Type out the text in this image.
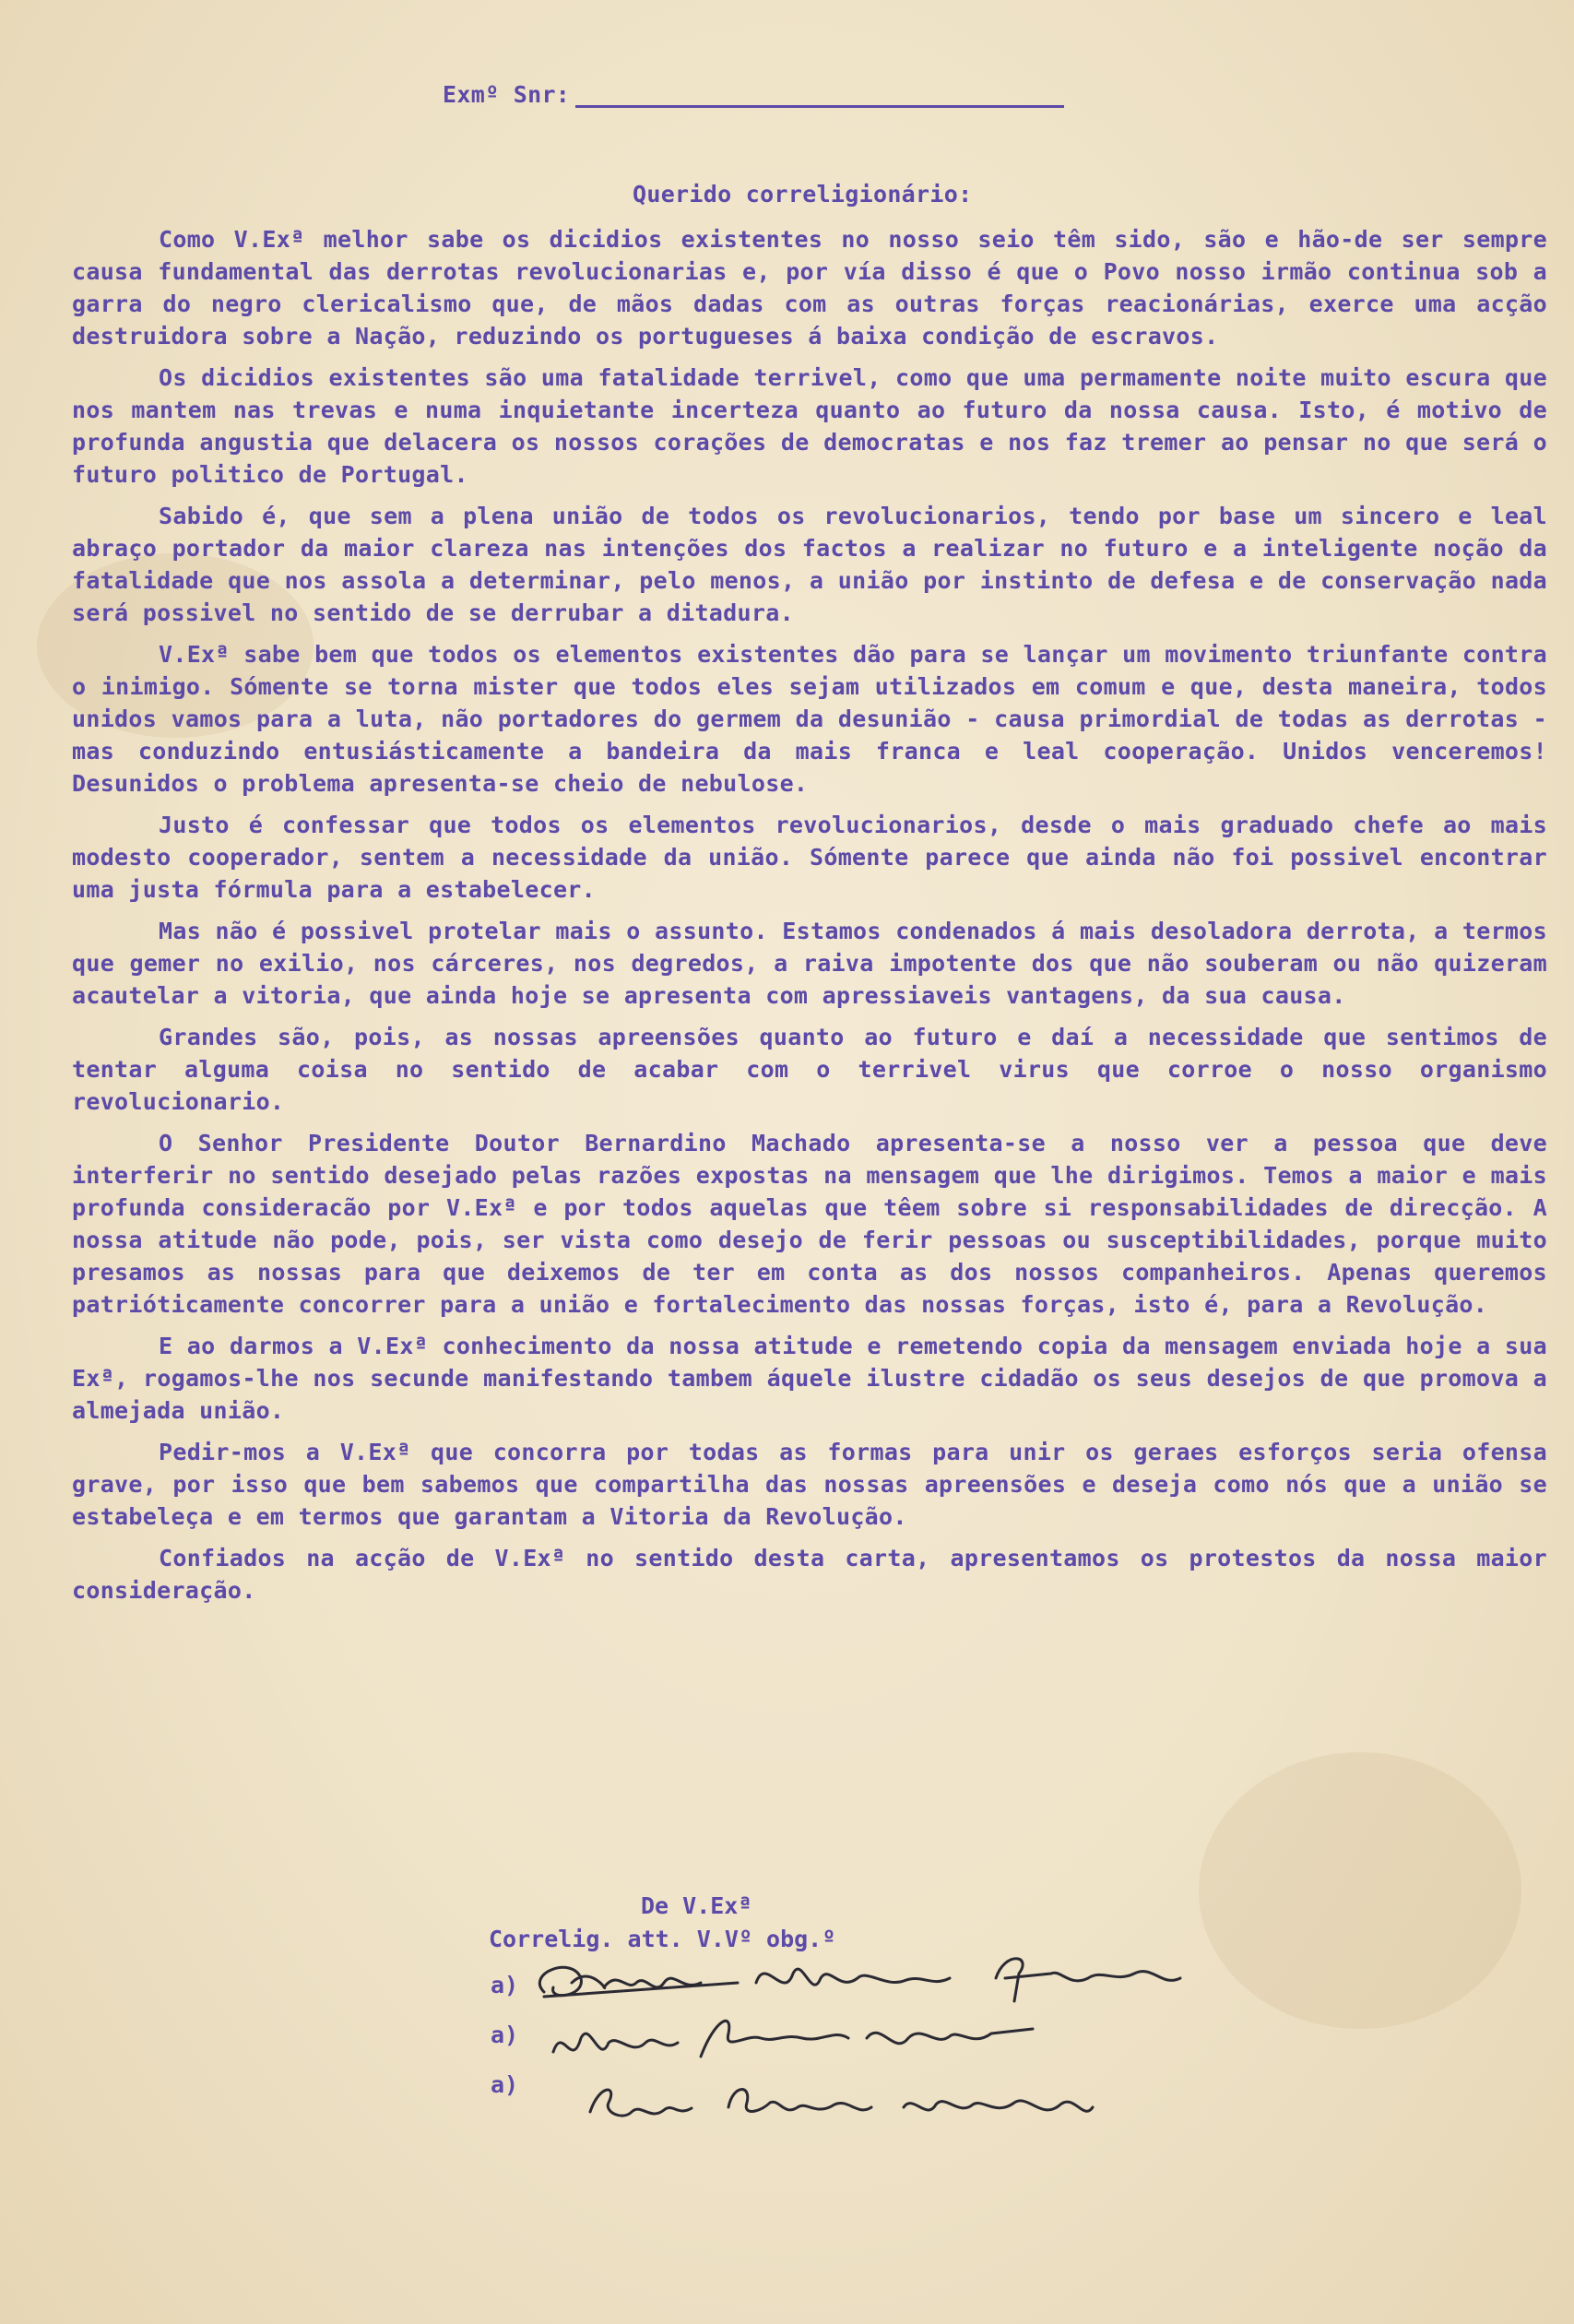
Exmº Snr:
Querido correligionário:

Como V.Exª melhor sabe os dicidios existentes no nosso seio têm sido, são e hão-de ser sempre causa fundamental das derrotas revolucionarias e, por vía disso é que o Povo nosso irmão continua sob a garra do negro clericalismo que, de mãos dadas com as outras forças reacionárias, exerce uma acção destruidora sobre a Nação, reduzindo os portugueses á baixa condição de escravos.

Os dicidios existentes são uma fatalidade terrivel, como que uma permamente noite muito escura que nos mantem nas trevas e numa inquietante incerteza quanto ao futuro da nossa causa. Isto, é motivo de profunda angustia que delacera os nossos corações de democratas e nos faz tremer ao pensar no que será o futuro politico de Portugal.

Sabido é, que sem a plena união de todos os revolucionarios, tendo por base um sincero e leal abraço portador da maior clareza nas intenções dos factos a realizar no futuro e a inteligente noção da fatalidade que nos assola a determinar, pelo menos, a união por instinto de defesa e de conservação nada será possivel no sentido de se derrubar a ditadura.

V.Exª sabe bem que todos os elementos existentes dão para se lançar um movimento triunfante contra o inimigo. Sómente se torna mister que todos eles sejam utilizados em comum e que, desta maneira, todos unidos vamos para a luta, não portadores do germem da desunião - causa primordial de todas as derrotas - mas conduzindo entusiásticamente a bandeira da mais franca e leal cooperação. Unidos venceremos! Desunidos o problema apresenta-se cheio de nebulose.

Justo é confessar que todos os elementos revolucionarios, desde o mais graduado chefe ao mais modesto cooperador, sentem a necessidade da união. Sómente parece que ainda não foi possivel encontrar uma justa fórmula para a estabelecer.

Mas não é possivel protelar mais o assunto. Estamos condenados á mais desoladora derrota, a termos que gemer no exilio, nos cárceres, nos degredos, a raiva impotente dos que não souberam ou não quizeram acautelar a vitoria, que ainda hoje se apresenta com apressiaveis vantagens, da sua causa.

Grandes são, pois, as nossas apreensões quanto ao futuro e daí a necessidade que sentimos de tentar alguma coisa no sentido de acabar com o terrivel virus que corroe o nosso organismo revolucionario.

O Senhor Presidente Doutor Bernardino Machado apresenta-se a nosso ver a pessoa que deve interferir no sentido desejado pelas razões expostas na mensagem que lhe dirigimos. Temos a maior e mais profunda consideracão por V.Exª e por todos aquelas que têem sobre si responsabilidades de direcção. A nossa atitude não pode, pois, ser vista como desejo de ferir pessoas ou susceptibilidades, porque muito presamos as nossas para que deixemos de ter em conta as dos nossos companheiros. Apenas queremos patrióticamente concorrer para a união e fortalecimento das nossas forças, isto é, para a Revolução.

E ao darmos a V.Exª conhecimento da nossa atitude e remetendo copia da mensagem enviada hoje a sua Exª, rogamos-lhe nos secunde manifestando tambem áquele ilustre cidadão os seus desejos de que promova a almejada união.

Pedir-mos a V.Exª que concorra por todas as formas para unir os geraes esforços seria ofensa grave, por isso que bem sabemos que compartilha das nossas apreensões e deseja como nós que a união se estabeleça e em termos que garantam a Vitoria da Revolução.

Confiados na acção de V.Exª no sentido desta carta, apresentamos os protestos da nossa maior consideração.

De V.Exª
Correlig. att. V.Vº obg.º
a)
a)
a)
